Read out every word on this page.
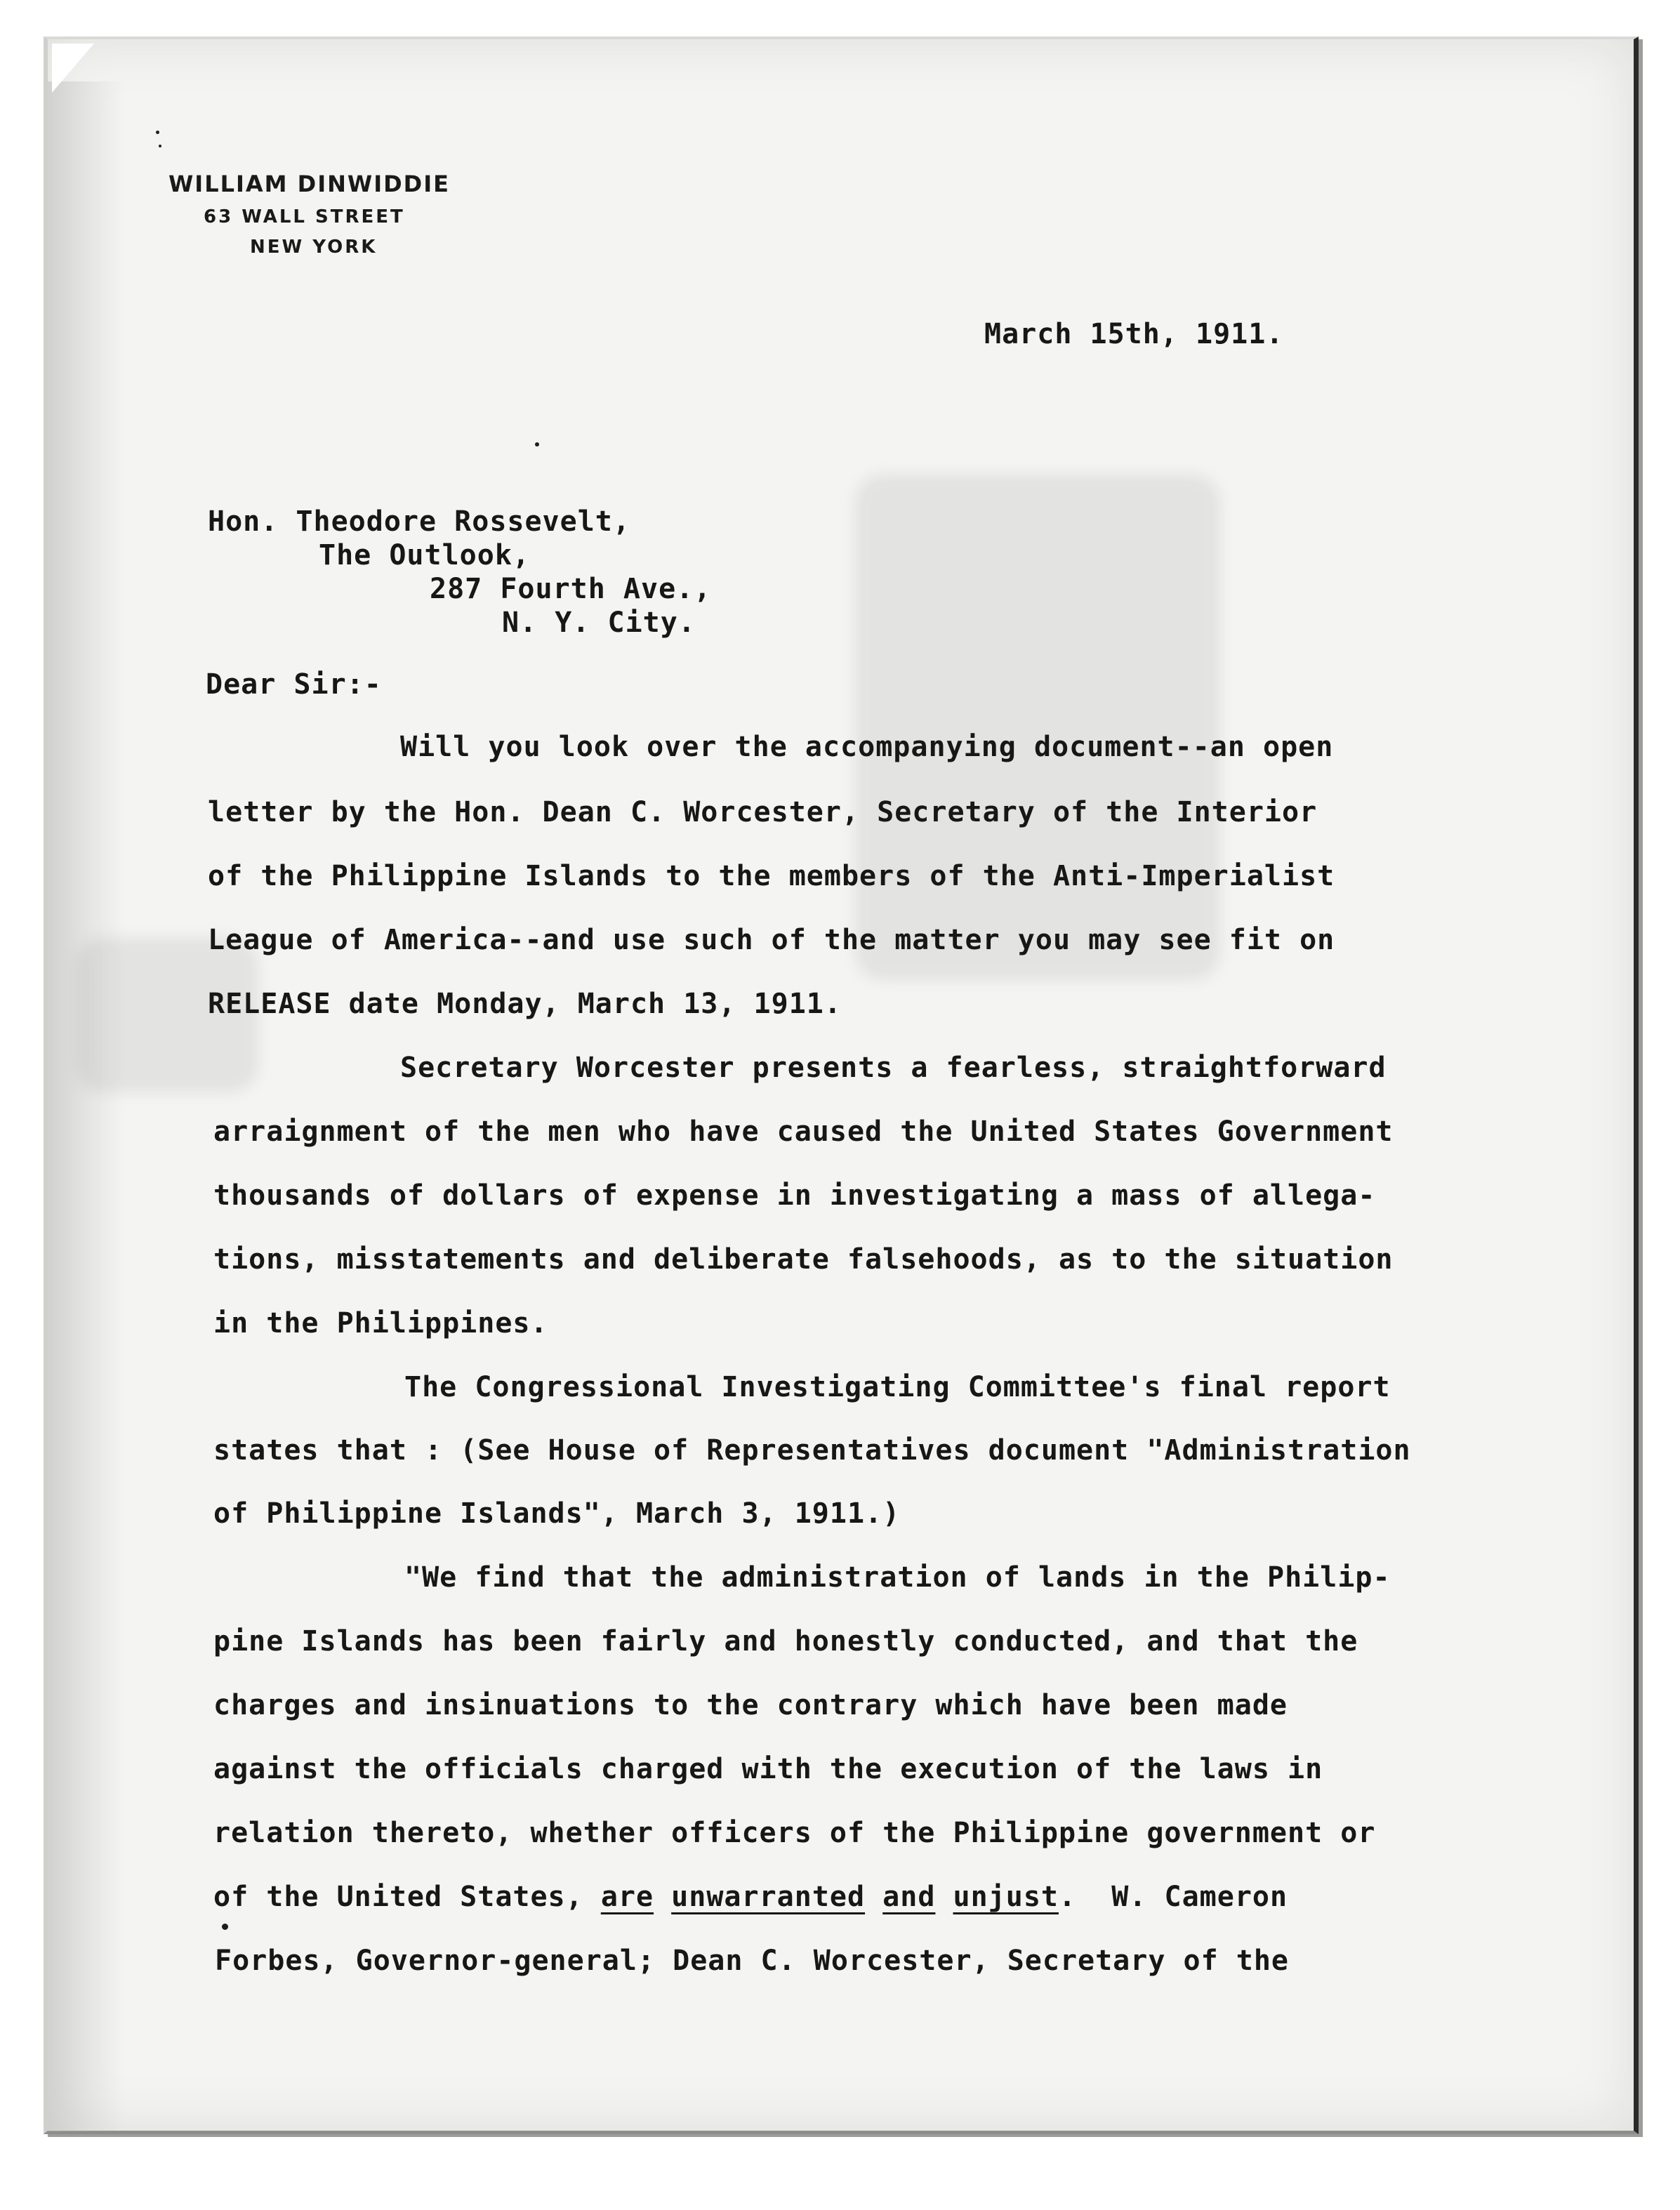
WILLIAM DINWIDDIE
63 WALL STREET
NEW YORK
March 15th, 1911.
Hon. Theodore Rossevelt,
The Outlook,
287 Fourth Ave.,
N. Y. City.
Dear Sir:-
Will you look over the accompanying document--an open
letter by the Hon. Dean C. Worcester, Secretary of the Interior
of the Philippine Islands to the members of the Anti-Imperialist
League of America--and use such of the matter you may see fit on
RELEASE date Monday, March 13, 1911.
Secretary Worcester presents a fearless, straightforward
arraignment of the men who have caused the United States Government
thousands of dollars of expense in investigating a mass of allega-
tions, misstatements and deliberate falsehoods, as to the situation
in the Philippines.
The Congressional Investigating Committee's final report
states that : (See House of Representatives document "Administration
of Philippine Islands", March 3, 1911.)
"We find that the administration of lands in the Philip-
pine Islands has been fairly and honestly conducted, and that the
charges and insinuations to the contrary which have been made
against the officials charged with the execution of the laws in
relation thereto, whether officers of the Philippine government or
of the United States, are unwarranted and unjust.  W. Cameron
Forbes, Governor-general; Dean C. Worcester, Secretary of the
